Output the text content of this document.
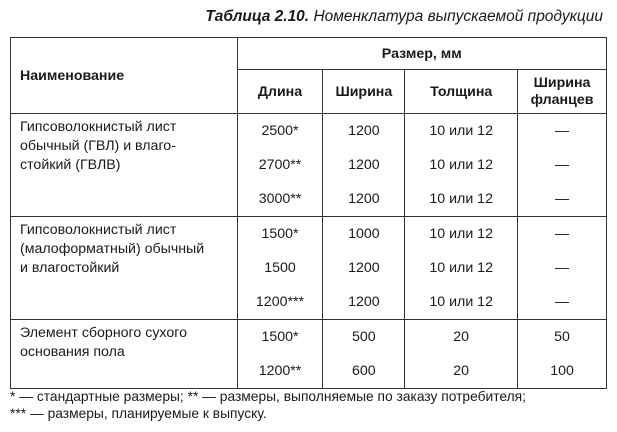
Таблица 2.10. Номенклатура выпускаемой продукции
Наименование	Размер, мм			
	Длина	Ширина	Толщина	Ширина
фланцев
Гипсоволокнистый лист
обычный (ГВЛ) и влаго-
стойкий (ГВЛВ)	2500*	1200	10 или 12	—
	2700**	1200	10 или 12	—
	3000**	1200	10 или 12	—
Гипсоволокнистый лист
(малоформатный) обычный
и влагостойкий	1500*	1000	10 или 12	—
	1500	1200	10 или 12	—
	1200***	1200	10 или 12	—
Элемент сборного сухого
основания пола	1500*	500	20	50
	1200**	600	20	100
* — стандартные размеры; ** — размеры, выполняемые по заказу потребителя;
*** — размеры, планируемые к выпуску.
